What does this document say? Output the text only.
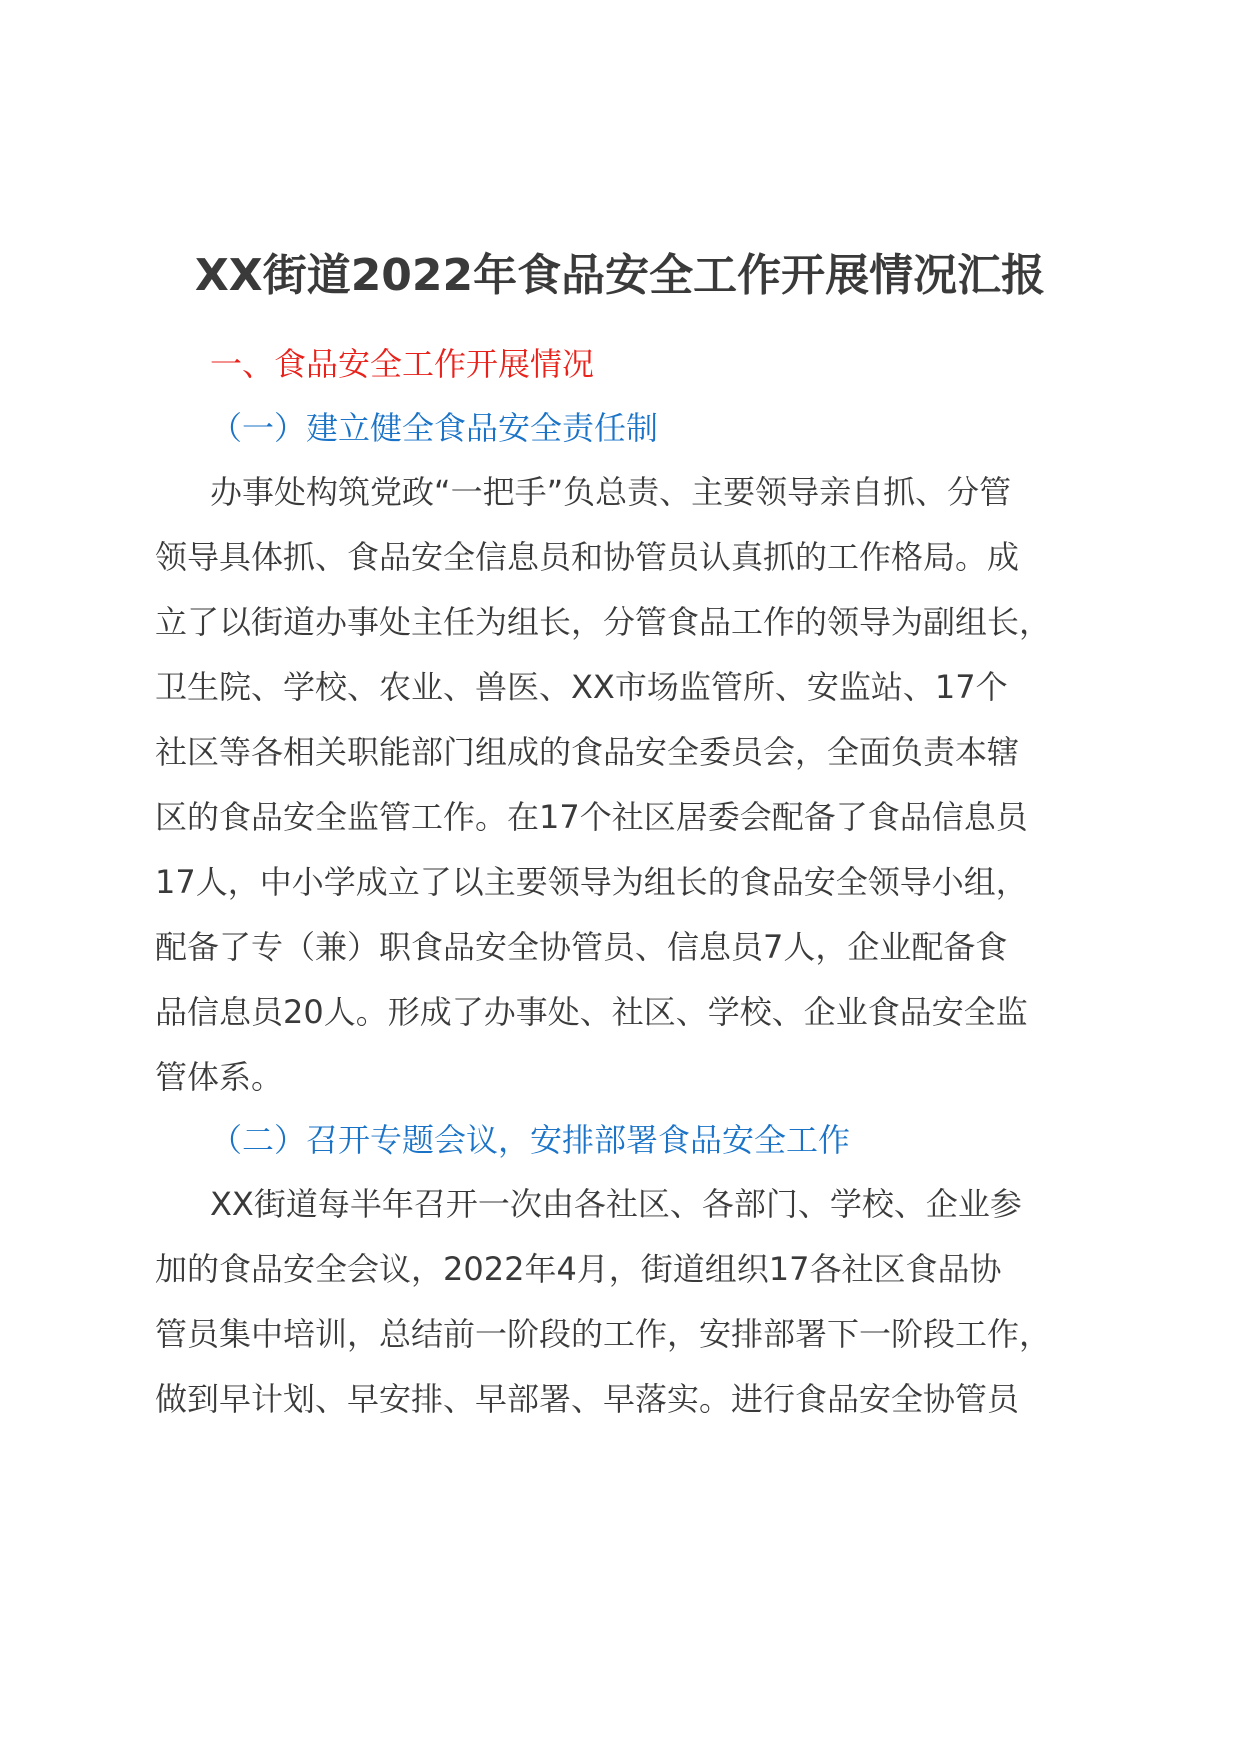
XX街道2022年食品安全工作开展情况汇报
一、食品安全工作开展情况
（一）建立健全食品安全责任制
办事处构筑党政“一把手”负总责、主要领导亲自抓、分管
领导具体抓、食品安全信息员和协管员认真抓的工作格局。成
立了以街道办事处主任为组长，分管食品工作的领导为副组长，
卫生院、学校、农业、兽医、XX市场监管所、安监站、17个
社区等各相关职能部门组成的食品安全委员会，全面负责本辖
区的食品安全监管工作。在17个社区居委会配备了食品信息员
17人，中小学成立了以主要领导为组长的食品安全领导小组，
配备了专（兼）职食品安全协管员、信息员7人，企业配备食
品信息员20人。形成了办事处、社区、学校、企业食品安全监
管体系。
（二）召开专题会议，安排部署食品安全工作
XX街道每半年召开一次由各社区、各部门、学校、企业参
加的食品安全会议，2022年4月，街道组织17各社区食品协
管员集中培训，总结前一阶段的工作，安排部署下一阶段工作，
做到早计划、早安排、早部署、早落实。进行食品安全协管员
